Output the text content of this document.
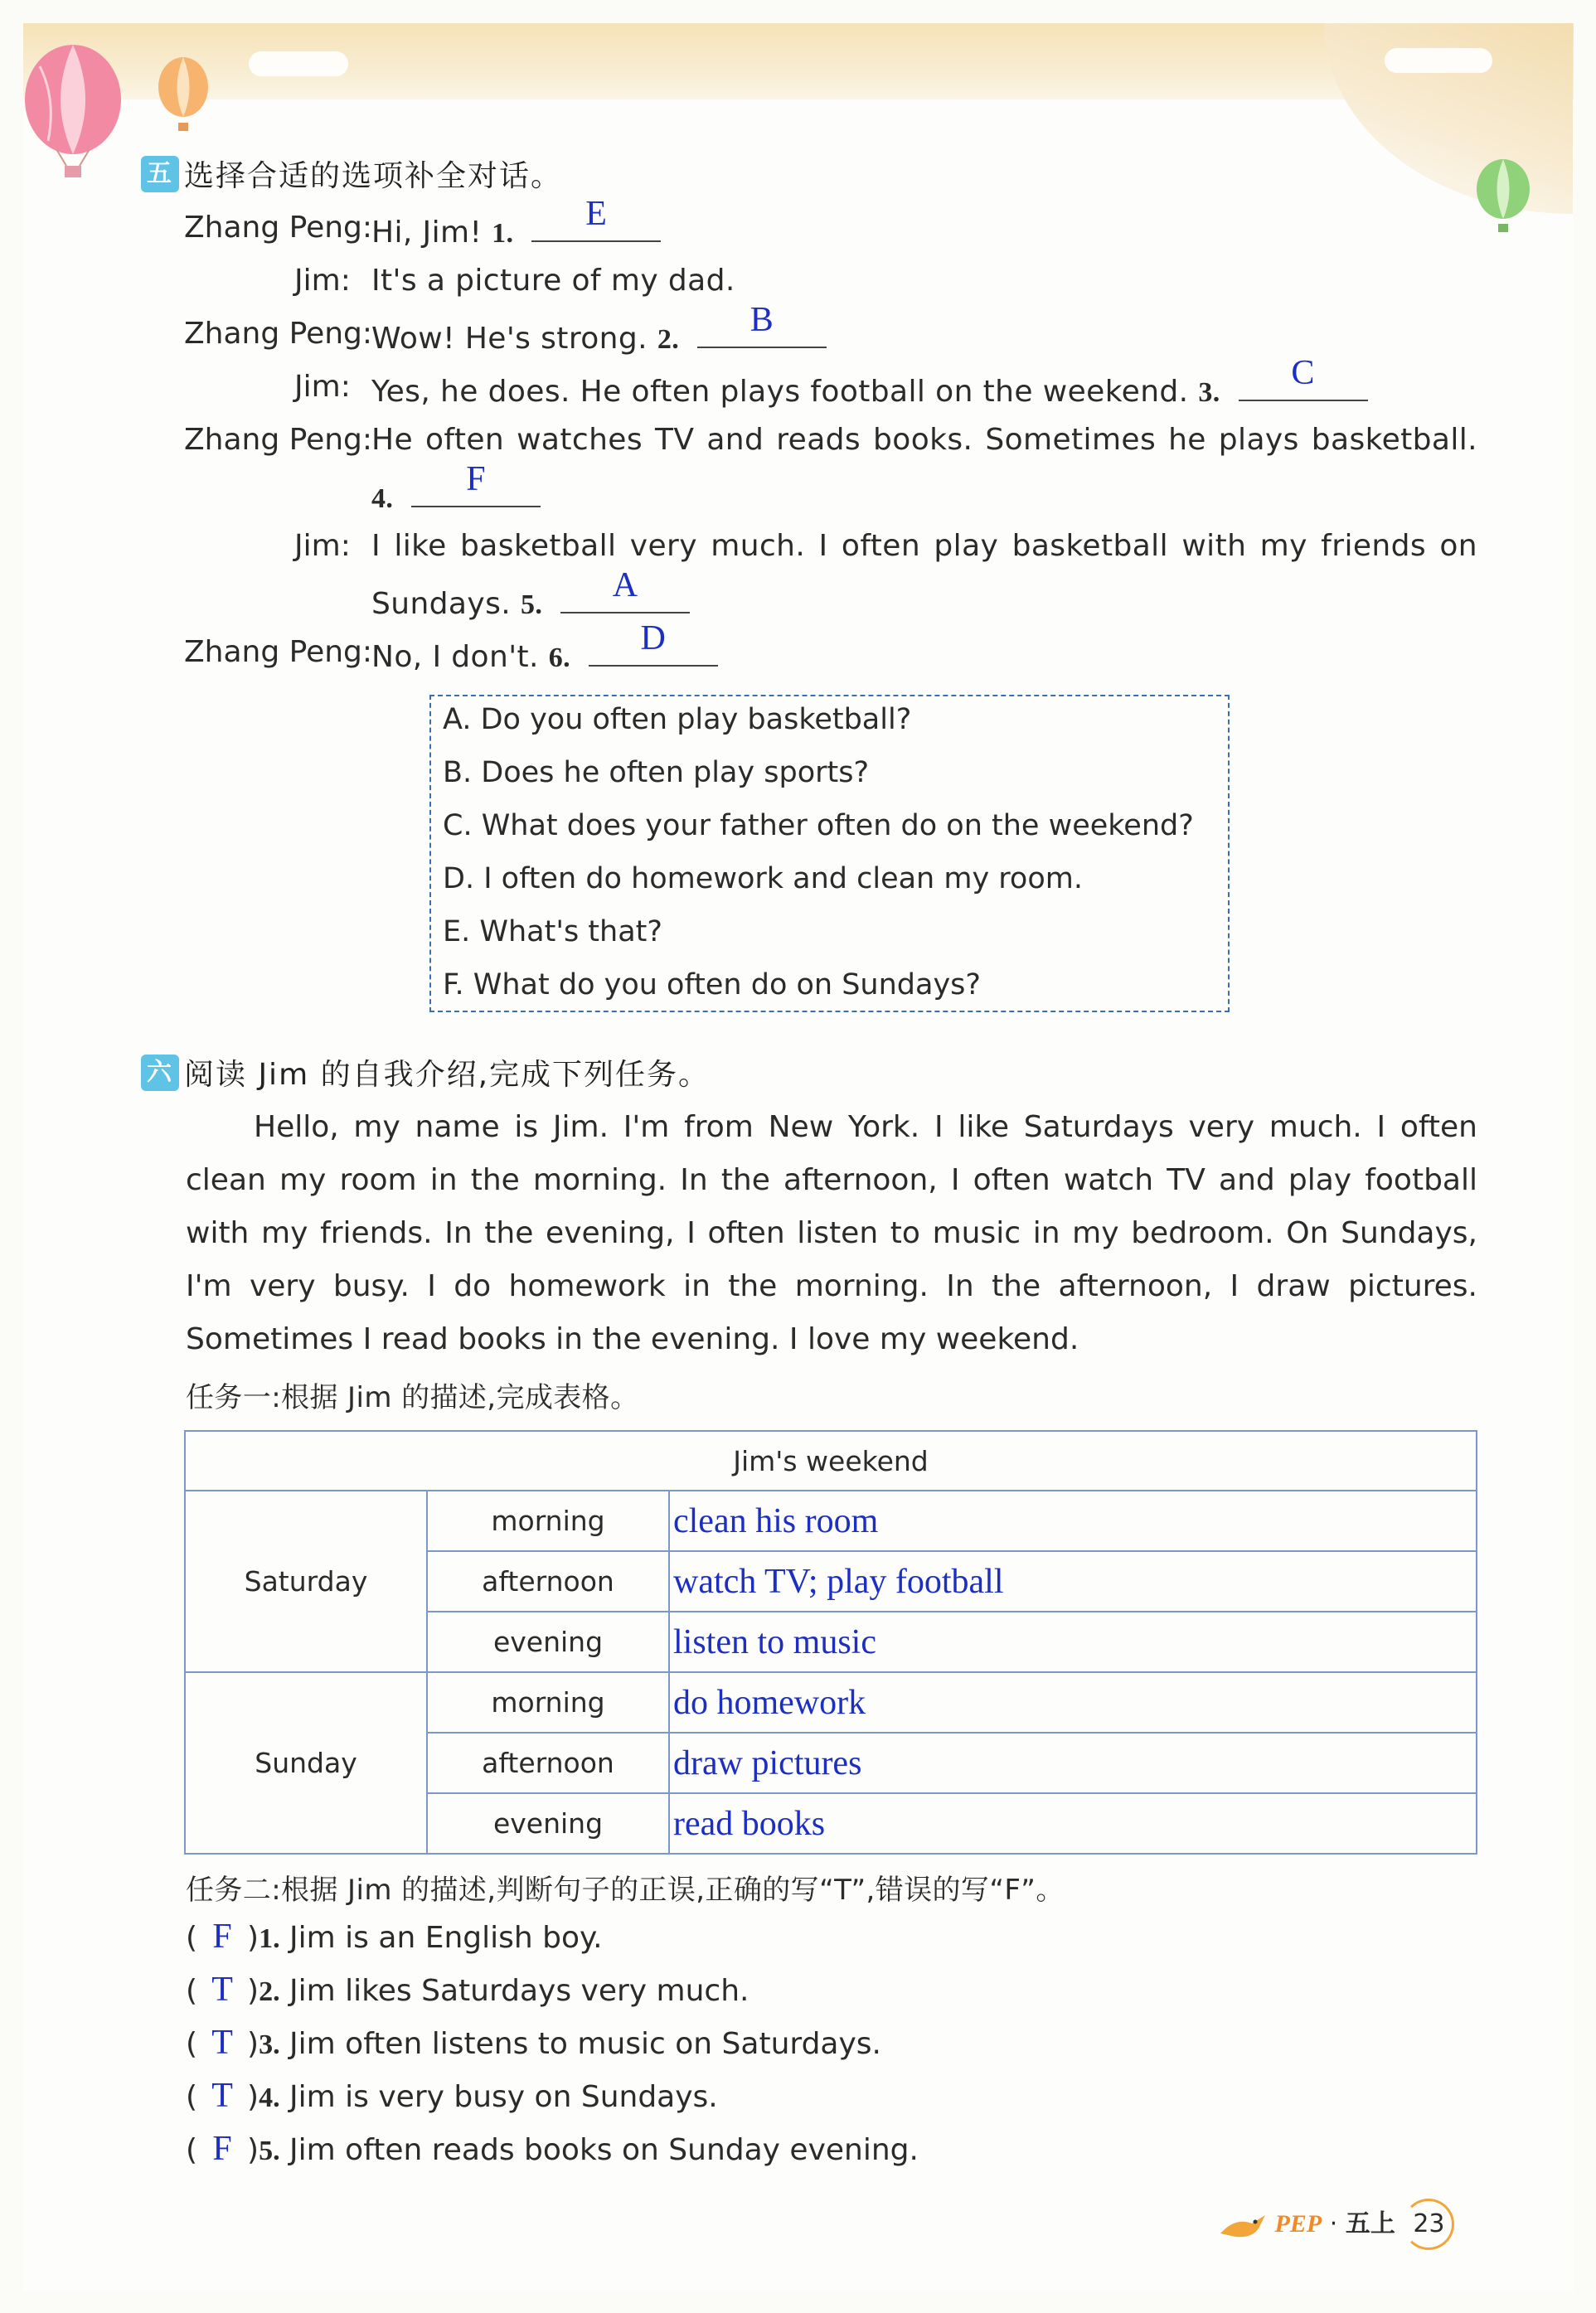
五 选择合适的选项补全对话。
Zhang Peng:
Hi, Jim! 1.
E
Jim: It's a picture of my dad.
Zhang Peng:
Wow! He's strong. 2.
B
Jim: Yes, he does. He often plays football on the weekend. 3.
C
Zhang Peng:
He often watches TV and reads books. Sometimes he plays basketball.
4.
F
Jim: I like basketball very much. I often play basketball with my friends on
Sundays. 5.
A
Zhang Peng:
No, I don't. 6.
D
A. Do you often play basketball?
B. Does he often play sports?
C. What does your father often do on the weekend?
D. I often do homework and clean my room.
E. What's that?
F. What do you often do on Sundays?
六 阅读 Jim 的自我介绍,完成下列任务。
Hello, my name is Jim. I'm from New York. I like Saturdays very much. I often clean my room in the morning. In the afternoon, I often watch TV and play football with my friends. In the evening, I often listen to music in my bedroom. On Sundays, I'm very busy. I do homework in the morning. In the afternoon, I draw pictures. Sometimes I read books in the evening. I love my weekend.
任务一:根据 Jim 的描述,完成表格。
Jim's weekend		
Saturday	morning	clean his room
	afternoon	watch TV; play football
	evening	listen to music
Sunday	morning	do homework
	afternoon	draw pictures
	evening	read books
任务二:根据 Jim 的描述,判断句子的正误,正确的写“T”,错误的写“F”。
( F )1. Jim is an English boy.
( T )2. Jim likes Saturdays very much.
( T )3. Jim often listens to music on Saturdays.
( T )4. Jim is very busy on Sundays.
( F )5. Jim often reads books on Sunday evening.
PEP · 五上 23
